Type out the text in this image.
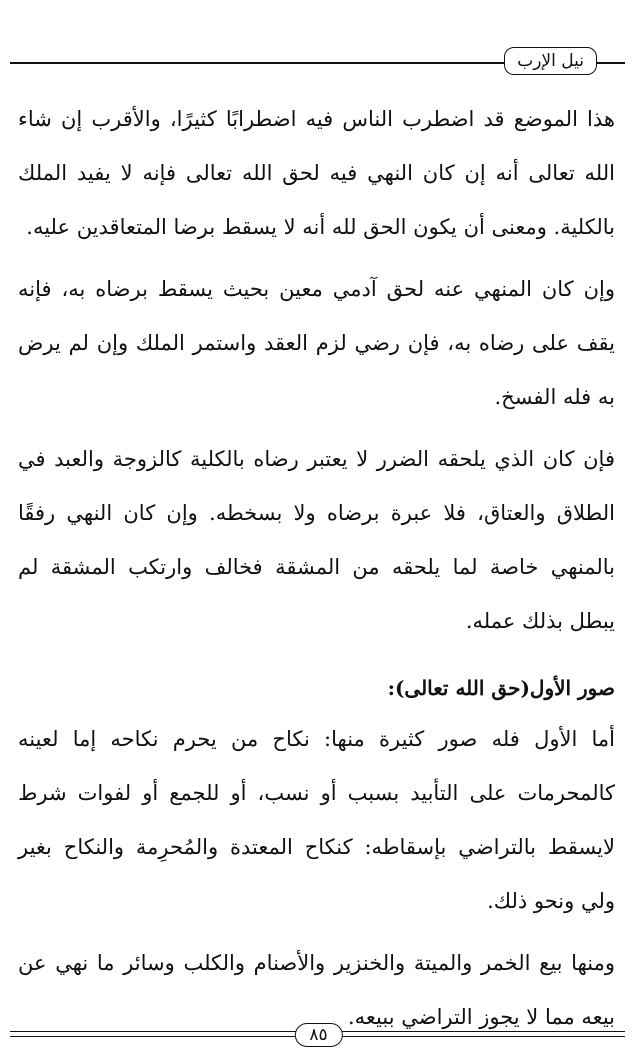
نيل الإرب

هذا الموضع قد اضطرب الناس فيه اضطرابًا كثيرًا، والأقرب إن شاء الله تعالى أنه إن كان النهي فيه لحق الله تعالى فإنه لا يفيد الملك بالكلية. ومعنى أن يكون الحق لله أنه لا يسقط برضا المتعاقدين عليه.

وإن كان المنهي عنه لحق آدمي معين بحيث يسقط برضاه به، فإنه يقف على رضاه به، فإن رضي لزم العقد واستمر الملك وإن لم يرض به فله الفسخ.

فإن كان الذي يلحقه الضرر لا يعتبر رضاه بالكلية كالزوجة والعبد في الطلاق والعتاق، فلا عبرة برضاه ولا بسخطه. وإن كان النهي رفقًا بالمنهي خاصة لما يلحقه من المشقة فخالف وارتكب المشقة لم يبطل بذلك عمله.

صور الأول(حق الله تعالى):

أما الأول فله صور كثيرة منها: نكاح من يحرم نكاحه إما لعينه كالمحرمات على التأبيد بسبب أو نسب، أو للجمع أو لفوات شرط لايسقط بالتراضي بإسقاطه: كنكاح المعتدة والمُحرِمة والنكاح بغير ولي ونحو ذلك.

ومنها بيع الخمر والميتة والخنزير والأصنام والكلب وسائر ما نهي عن بيعه مما لا يجوز التراضي ببيعه.

٨٥
